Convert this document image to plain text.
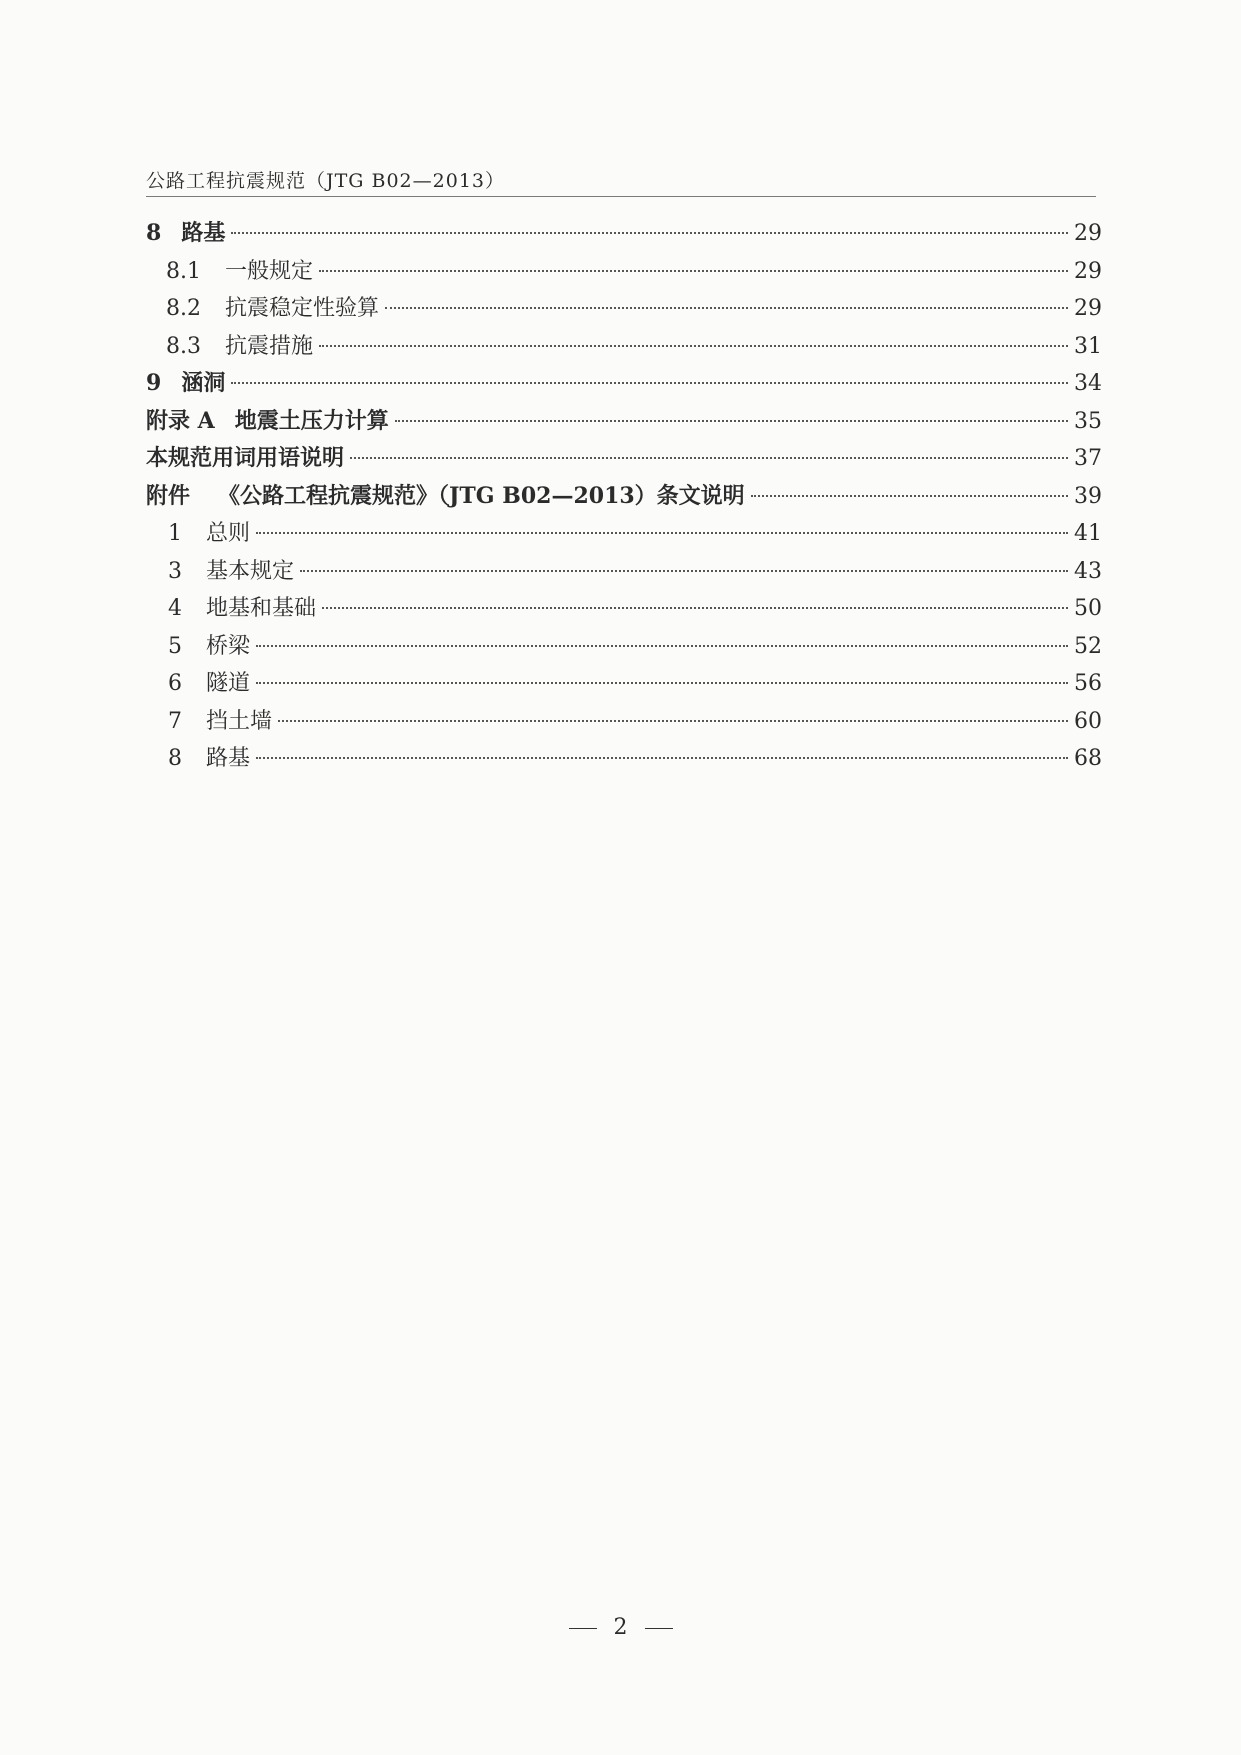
公路工程抗震规范（JTG B02—2013）
8 路基	29
8.1 一般规定	29
8.2 抗震稳定性验算	29
8.3 抗震措施	31
9 涵洞	34
附录 A 地震土压力计算	35
本规范用词用语说明	37
附件 《公路工程抗震规范》（JTG B02—2013）条文说明	39
1 总则	41
3 基本规定	43
4 地基和基础	50
5 桥梁	52
6 隧道	56
7 挡土墙	60
8 路基	68
2
